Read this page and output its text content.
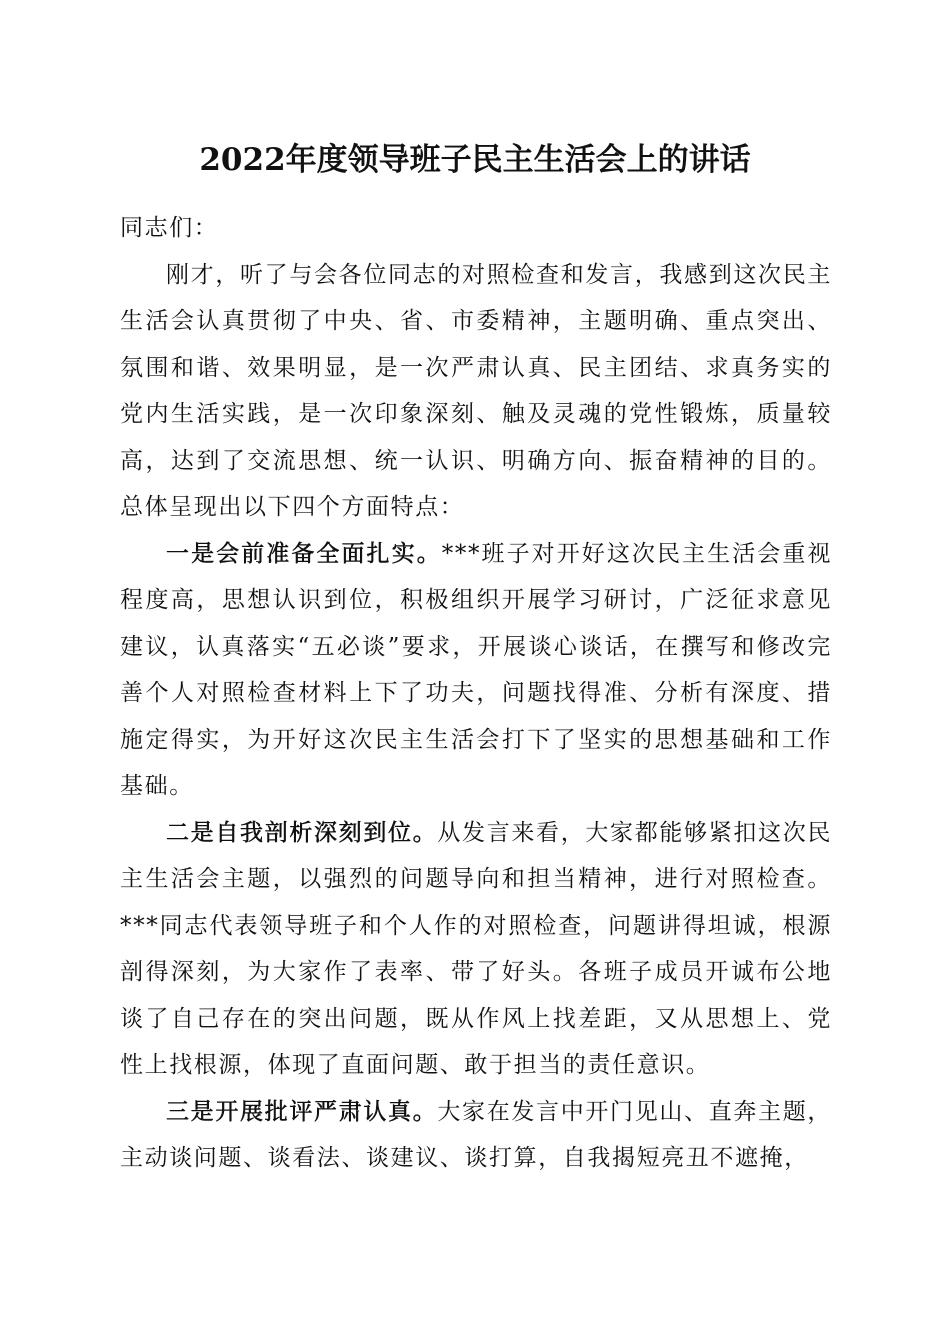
2022年度领导班子民主生活会上的讲话

同志们：

刚才，听了与会各位同志的对照检查和发言，我感到这次民主生活会认真贯彻了中央、省、市委精神，主题明确、重点突出、氛围和谐、效果明显，是一次严肃认真、民主团结、求真务实的党内生活实践，是一次印象深刻、触及灵魂的党性锻炼，质量较高，达到了交流思想、统一认识、明确方向、振奋精神的目的。总体呈现出以下四个方面特点：

一是会前准备全面扎实。***班子对开好这次民主生活会重视程度高，思想认识到位，积极组织开展学习研讨，广泛征求意见建议，认真落实“五必谈”要求，开展谈心谈话，在撰写和修改完善个人对照检查材料上下了功夫，问题找得准、分析有深度、措施定得实，为开好这次民主生活会打下了坚实的思想基础和工作基础。

二是自我剖析深刻到位。从发言来看，大家都能够紧扣这次民主生活会主题，以强烈的问题导向和担当精神，进行对照检查。***同志代表领导班子和个人作的对照检查，问题讲得坦诚，根源剖得深刻，为大家作了表率、带了好头。各班子成员开诚布公地谈了自己存在的突出问题，既从作风上找差距，又从思想上、党性上找根源，体现了直面问题、敢于担当的责任意识。

三是开展批评严肃认真。大家在发言中开门见山、直奔主题，主动谈问题、谈看法、谈建议、谈打算，自我揭短亮丑不遮掩，
